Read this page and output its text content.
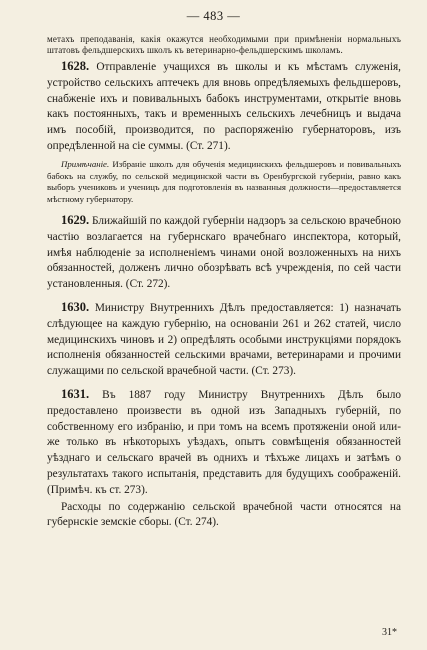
— 483 —

метахъ преподаванія, какія окажутся необходимыми при примѣненіи нормальныхъ штатовъ фельдшерскихъ школъ къ ветеринарно-фельдшерскимъ школамъ.

1628. Отправленіе учащихся въ школы и къ мѣстамъ служенія, устройство сельскихъ аптечекъ для вновь опредѣляемыхъ фельдшеровъ, снабженіе ихъ и повивальныхъ бабокъ инструментами, открытіе вновь какъ постоянныхъ, такъ и временныхъ сельскихъ лечебницъ и выдача имъ пособій, производится, по распоряженію губернаторовъ, изъ опредѣленной на сіе суммы. (Ст. 271).

Примѣчаніе. Избраніе школъ для обученія медицинскихъ фельдшеровъ и повивальныхъ бабокъ на службу, по сельской медицинской части въ Оренбургской губерніи, равно какъ выборъ учениковъ и ученицъ для подготовленія въ названныя должности—предоставляется мѣстному губернатору.

1629. Ближайшій по каждой губерніи надзоръ за сельскою врачебною частію возлагается на губернскаго врачебнаго инспектора, который, имѣя наблюденіе за исполненіемъ чинами оной возложенныхъ на нихъ обязанностей, долженъ лично обозрѣвать всѣ учрежденія, по сей части установленныя. (Ст. 272).

1630. Министру Внутреннихъ Дѣлъ предоставляется: 1) назначать слѣдующее на каждую губернію, на основаніи 261 и 262 статей, число медицинскихъ чиновъ и 2) опредѣлять особыми инструкціями порядокъ исполненія обязанностей сельскими врачами, ветеринарами и прочими служащими по сельской врачебной части. (Ст. 273).

1631. Въ 1887 году Министру Внутреннихъ Дѣлъ было предоставлено произвести въ одной изъ Западныхъ губерній, по собственному его избранію, и при томъ на всемъ протяженіи оной или-же только въ нѣкоторыхъ уѣздахъ, опытъ совмѣщенія обязанностей уѣзднаго и сельскаго врачей въ однихъ и тѣхъже лицахъ и затѣмъ о результатахъ такого испытанія, представить для будущихъ соображеній. (Примѣч. къ ст. 273).

Расходы по содержанію сельской врачебной части относятся на губернскіе земскіе сборы. (Ст. 274).

31*
